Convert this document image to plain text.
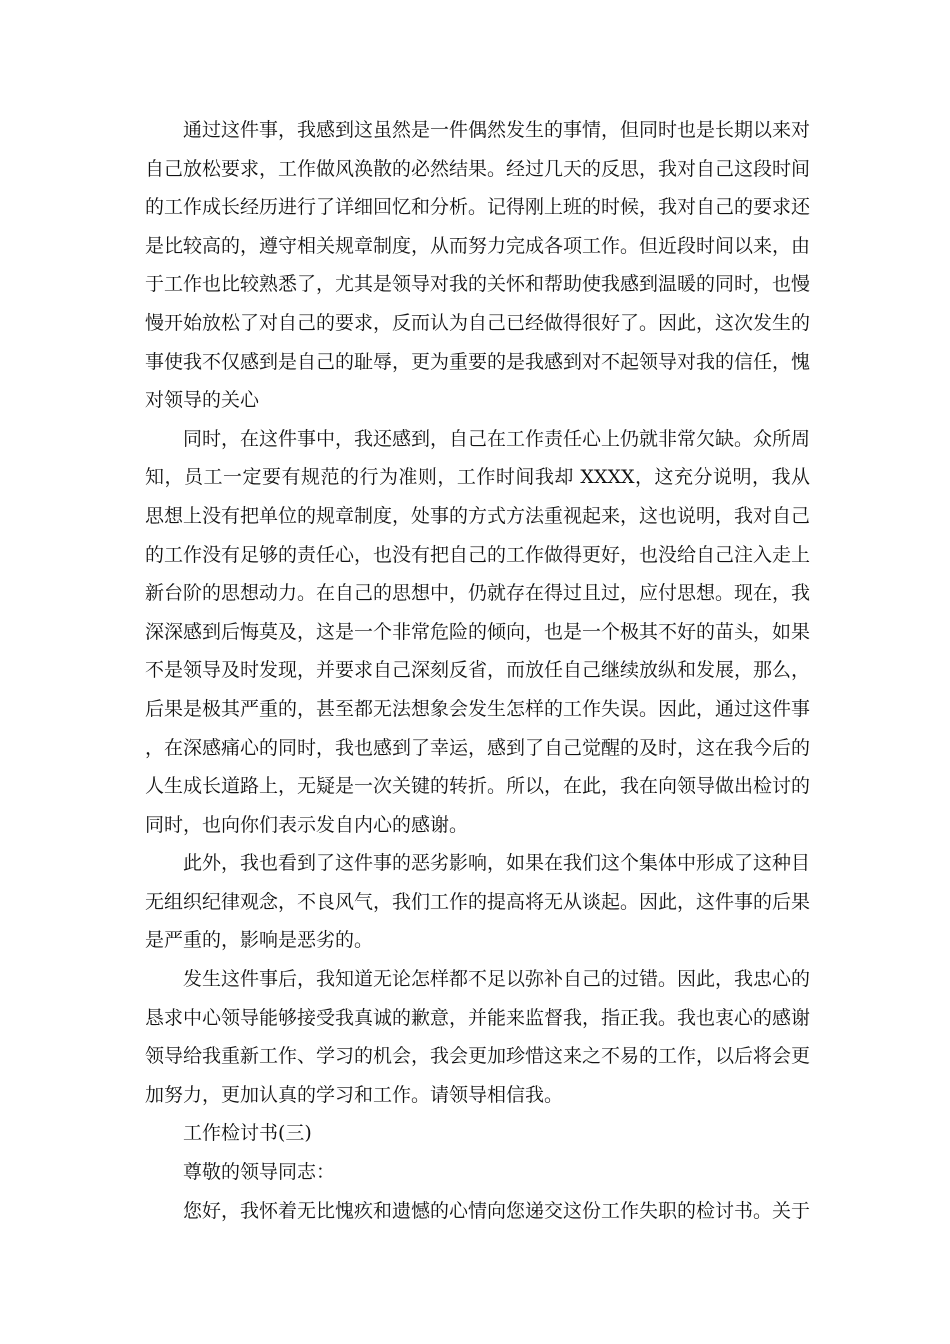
通过这件事，我感到这虽然是一件偶然发生的事情，但同时也是长期以来对自己放松要求，工作做风涣散的必然结果。经过几天的反思，我对自己这段时间的工作成长经历进行了详细回忆和分析。记得刚上班的时候，我对自己的要求还是比较高的，遵守相关规章制度，从而努力完成各项工作。但近段时间以来，由于工作也比较熟悉了，尤其是领导对我的关怀和帮助使我感到温暖的同时，也慢慢开始放松了对自己的要求，反而认为自己已经做得很好了。因此，这次发生的事使我不仅感到是自己的耻辱，更为重要的是我感到对不起领导对我的信任，愧对领导的关心

同时，在这件事中，我还感到，自己在工作责任心上仍就非常欠缺。众所周知，员工一定要有规范的行为准则，工作时间我却 XXXX，这充分说明，我从思想上没有把单位的规章制度，处事的方式方法重视起来，这也说明，我对自己的工作没有足够的责任心，也没有把自己的工作做得更好，也没给自己注入走上新台阶的思想动力。在自己的思想中，仍就存在得过且过，应付思想。现在，我深深感到后悔莫及，这是一个非常危险的倾向，也是一个极其不好的苗头，如果不是领导及时发现，并要求自己深刻反省，而放任自己继续放纵和发展，那么，后果是极其严重的，甚至都无法想象会发生怎样的工作失误。因此，通过这件事，在深感痛心的同时，我也感到了幸运，感到了自己觉醒的及时，这在我今后的人生成长道路上，无疑是一次关键的转折。所以，在此，我在向领导做出检讨的同时，也向你们表示发自内心的感谢。

此外，我也看到了这件事的恶劣影响，如果在我们这个集体中形成了这种目无组织纪律观念，不良风气，我们工作的提高将无从谈起。因此，这件事的后果是严重的，影响是恶劣的。

发生这件事后，我知道无论怎样都不足以弥补自己的过错。因此，我忠心的恳求中心领导能够接受我真诚的歉意，并能来监督我，指正我。我也衷心的感谢领导给我重新工作、学习的机会，我会更加珍惜这来之不易的工作，以后将会更加努力，更加认真的学习和工作。请领导相信我。

工作检讨书(三)

尊敬的领导同志：

您好，我怀着无比愧疚和遗憾的心情向您递交这份工作失职的检讨书。关于
